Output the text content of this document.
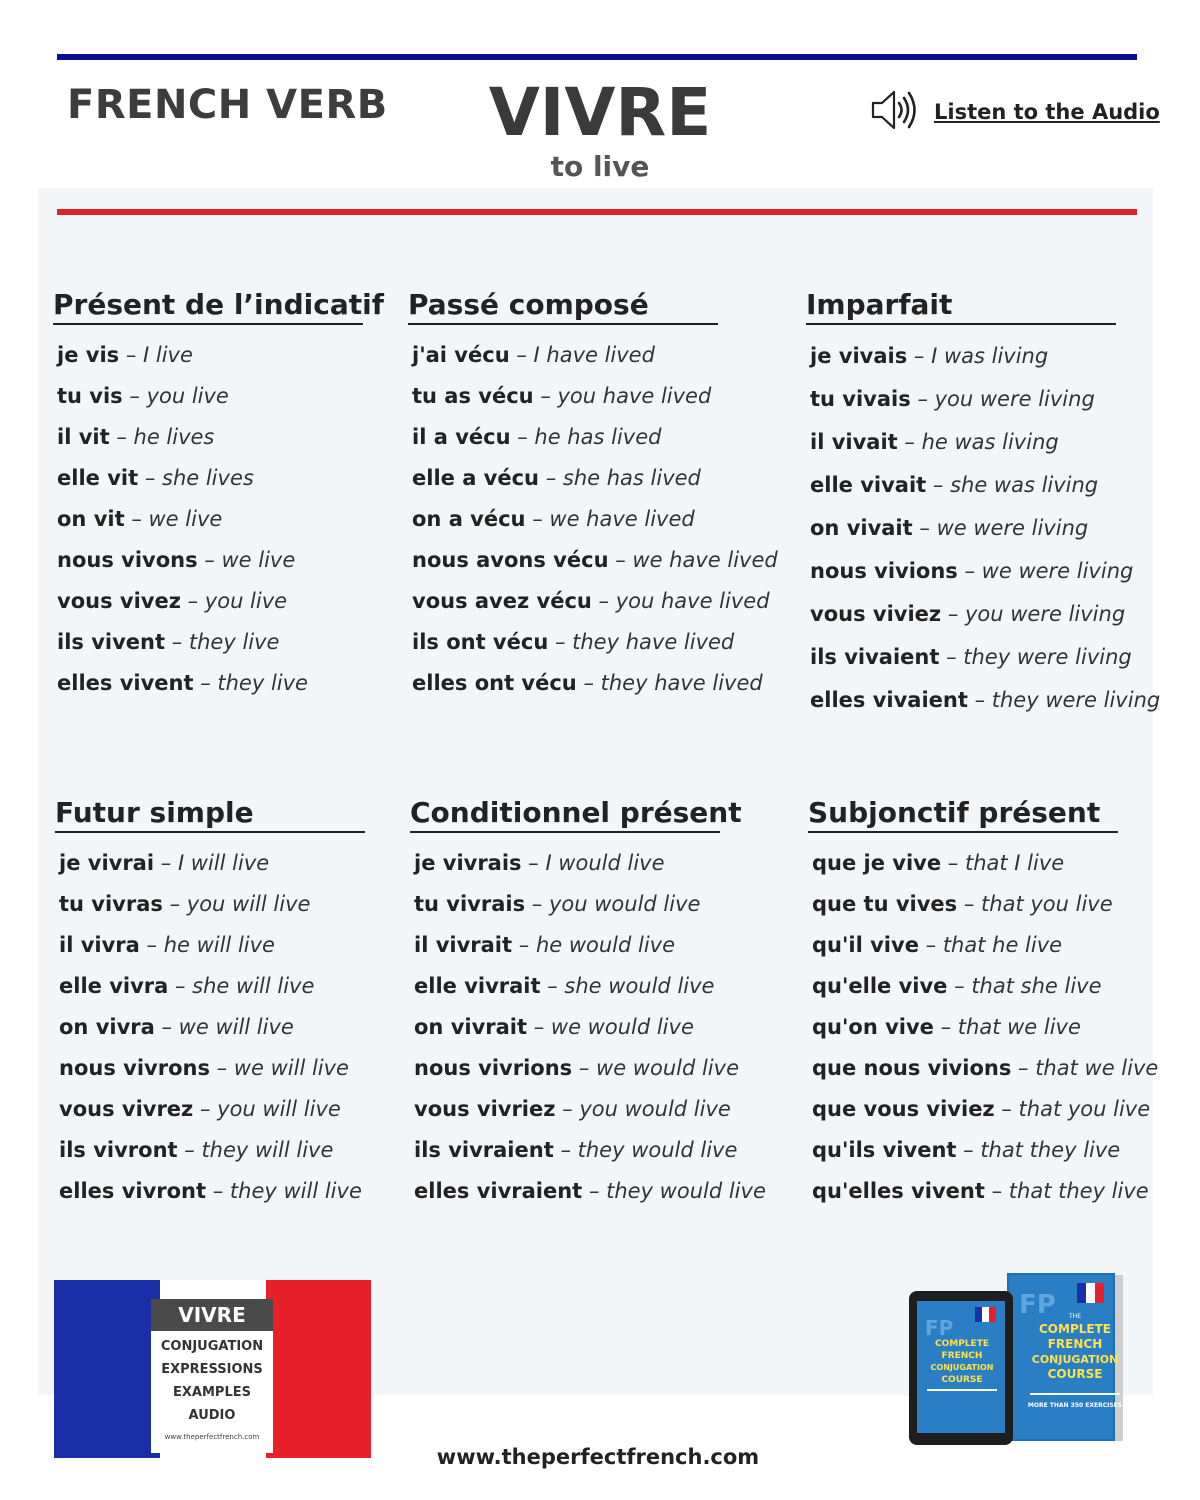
FRENCH VERB	VIVRE
to live
Listen to the Audio
Présent de l’indicatif
je vis – I live
tu vis – you live
il vit – he lives
elle vit – she lives
on vit – we live
nous vivons – we live
vous vivez – you live
ils vivent – they live
elles vivent – they live
Passé composé
j'ai vécu – I have lived
tu as vécu – you have lived
il a vécu – he has lived
elle a vécu – she has lived
on a vécu – we have lived
nous avons vécu – we have lived
vous avez vécu – you have lived
ils ont vécu – they have lived
elles ont vécu – they have lived
Imparfait
je vivais – I was living
tu vivais – you were living
il vivait – he was living
elle vivait – she was living
on vivait – we were living
nous vivions – we were living
vous viviez – you were living
ils vivaient – they were living
elles vivaient – they were living
Futur simple
je vivrai – I will live
tu vivras – you will live
il vivra – he will live
elle vivra – she will live
on vivra – we will live
nous vivrons – we will live
vous vivrez – you will live
ils vivront – they will live
elles vivront – they will live
Conditionnel présent
je vivrais – I would live
tu vivrais – you would live
il vivrait – he would live
elle vivrait – she would live
on vivrait – we would live
nous vivrions – we would live
vous vivriez – you would live
ils vivraient – they would live
elles vivraient – they would live
Subjonctif présent
que je vive – that I live
que tu vives – that you live
qu'il vive – that he live
qu'elle vive – that she live
qu'on vive – that we live
que nous vivions – that we live
que vous viviez – that you live
qu'ils vivent – that they live
qu'elles vivent – that they live
VIVRE
CONJUGATION
EXPRESSIONS
EXAMPLES
AUDIO
www.theperfectfrench.com
FP THE
COMPLETE
FRENCH
CONJUGATION
COURSE
MORE THAN 350 EXERCISES
FP
COMPLETE
FRENCH
CONJUGATION
COURSE
www.theperfectfrench.com
